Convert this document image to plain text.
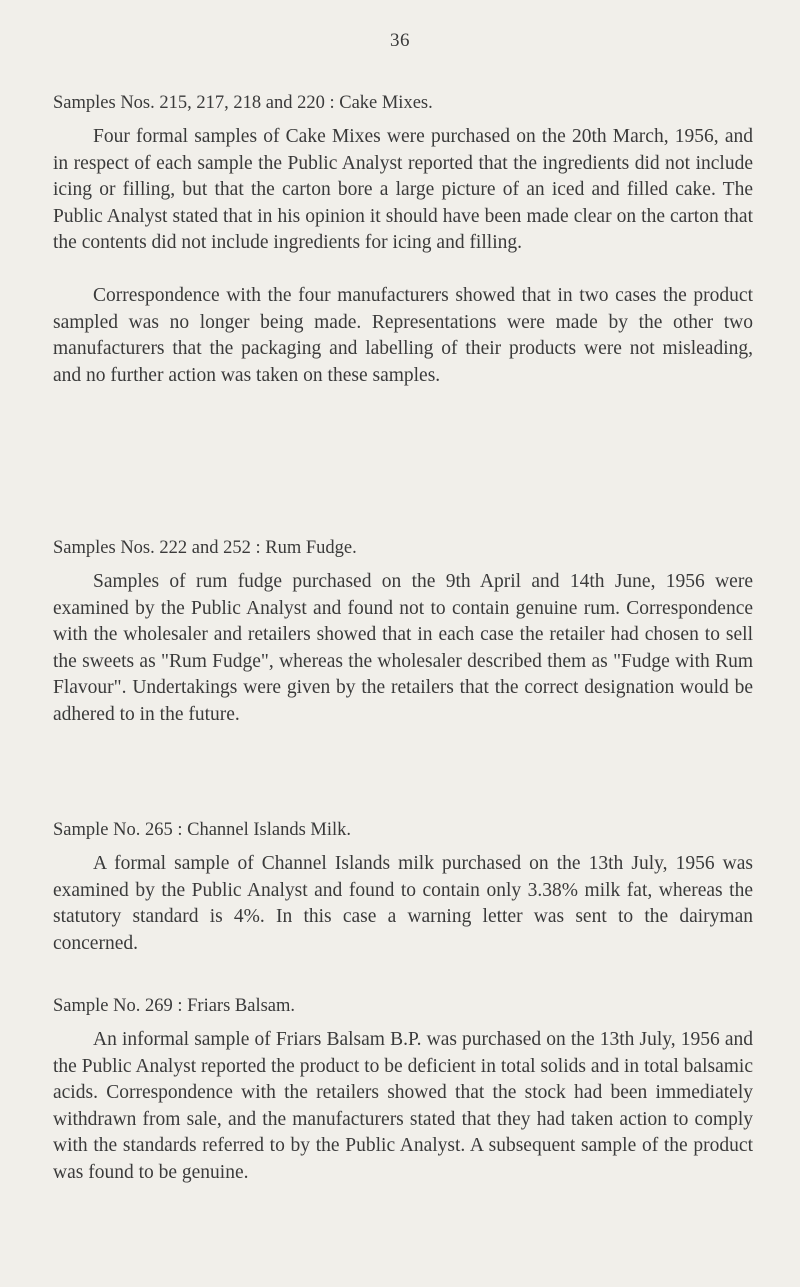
36
Samples Nos. 215, 217, 218 and 220 : Cake Mixes.

Four formal samples of Cake Mixes were purchased on the 20th March, 1956, and in respect of each sample the Public Analyst reported that the ingredients did not include icing or filling, but that the carton bore a large picture of an iced and filled cake. The Public Analyst stated that in his opinion it should have been made clear on the carton that the contents did not include ingredients for icing and filling.

Correspondence with the four manufacturers showed that in two cases the product sampled was no longer being made. Representations were made by the other two manufacturers that the packaging and labelling of their products were not misleading, and no further action was taken on these samples.

Samples Nos. 222 and 252 : Rum Fudge.

Samples of rum fudge purchased on the 9th April and 14th June, 1956 were examined by the Public Analyst and found not to contain genuine rum. Correspondence with the wholesaler and retailers showed that in each case the retailer had chosen to sell the sweets as "Rum Fudge", whereas the wholesaler described them as "Fudge with Rum Flavour". Undertakings were given by the retailers that the correct designation would be adhered to in the future.

Sample No. 265 : Channel Islands Milk.

A formal sample of Channel Islands milk purchased on the 13th July, 1956 was examined by the Public Analyst and found to contain only 3.38% milk fat, whereas the statutory standard is 4%. In this case a warning letter was sent to the dairyman concerned.

Sample No. 269 : Friars Balsam.

An informal sample of Friars Balsam B.P. was purchased on the 13th July, 1956 and the Public Analyst reported the product to be deficient in total solids and in total balsamic acids. Correspondence with the retailers showed that the stock had been immediately withdrawn from sale, and the manufacturers stated that they had taken action to comply with the standards referred to by the Public Analyst. A subsequent sample of the product was found to be genuine.
